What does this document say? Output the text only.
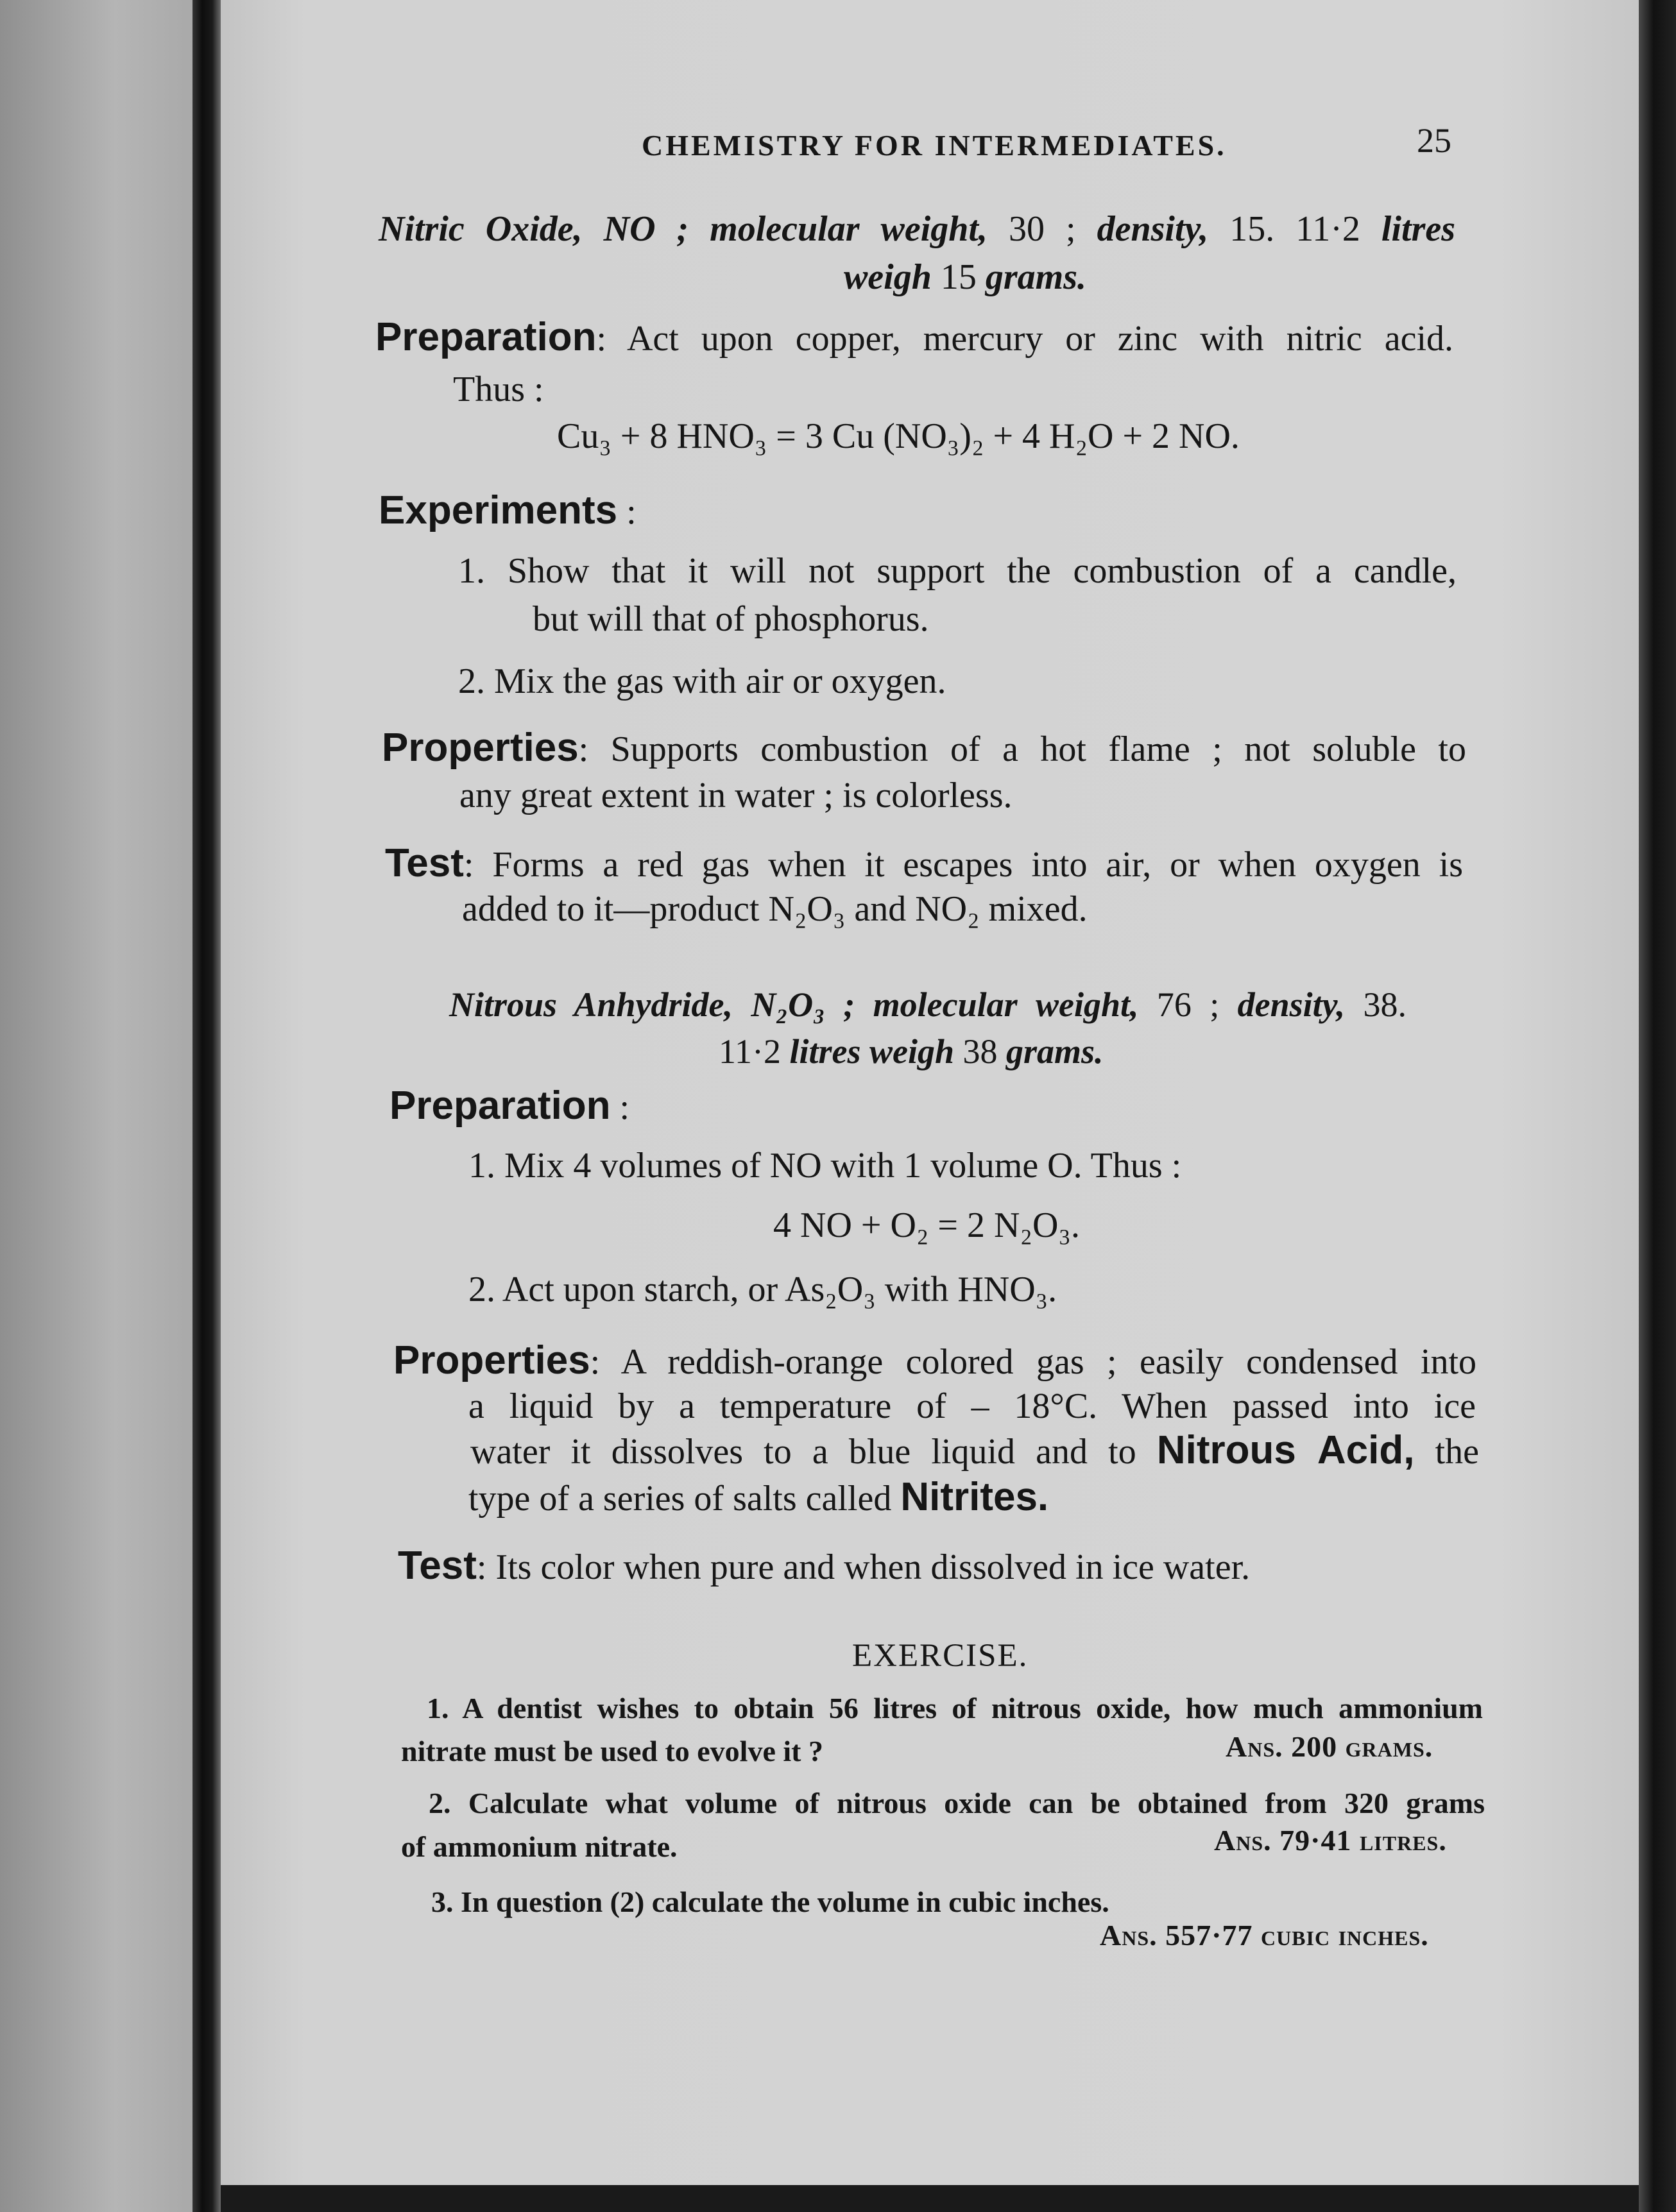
CHEMISTRY FOR INTERMEDIATES.	25
Nitric Oxide, NO ; molecular weight, 30 ; density, 15. 11·2 litres
weigh 15 grams.
Preparation: Act upon copper, mercury or zinc with nitric acid.
Thus :
Cu₃ + 8 HNO₃ = 3 Cu (NO₃)₂ + 4 H₂O + 2 NO.
Experiments :
1. Show that it will not support the combustion of a candle,
but will that of phosphorus.
2. Mix the gas with air or oxygen.
Properties: Supports combustion of a hot flame ; not soluble to
any great extent in water ; is colorless.
Test: Forms a red gas when it escapes into air, or when oxygen is
added to it—product N₂O₃ and NO₂ mixed.
Nitrous Anhydride, N₂O₃ ; molecular weight, 76 ; density, 38.
11·2 litres weigh 38 grams.
Preparation :
1. Mix 4 volumes of NO with 1 volume O. Thus :
4 NO + O₂ = 2 N₂O₃.
2. Act upon starch, or As₂O₃ with HNO₃.
Properties: A reddish-orange colored gas ; easily condensed into
a liquid by a temperature of – 18°C. When passed into ice
water it dissolves to a blue liquid and to Nitrous Acid, the
type of a series of salts called Nitrites.
Test: Its color when pure and when dissolved in ice water.
EXERCISE.
1. A dentist wishes to obtain 56 litres of nitrous oxide, how much ammonium
nitrate must be used to evolve it ?	Ans. 200 grams.
2. Calculate what volume of nitrous oxide can be obtained from 320 grams
of ammonium nitrate.	Ans. 79·41 litres.
3. In question (2) calculate the volume in cubic inches.
Ans. 557·77 cubic inches.
